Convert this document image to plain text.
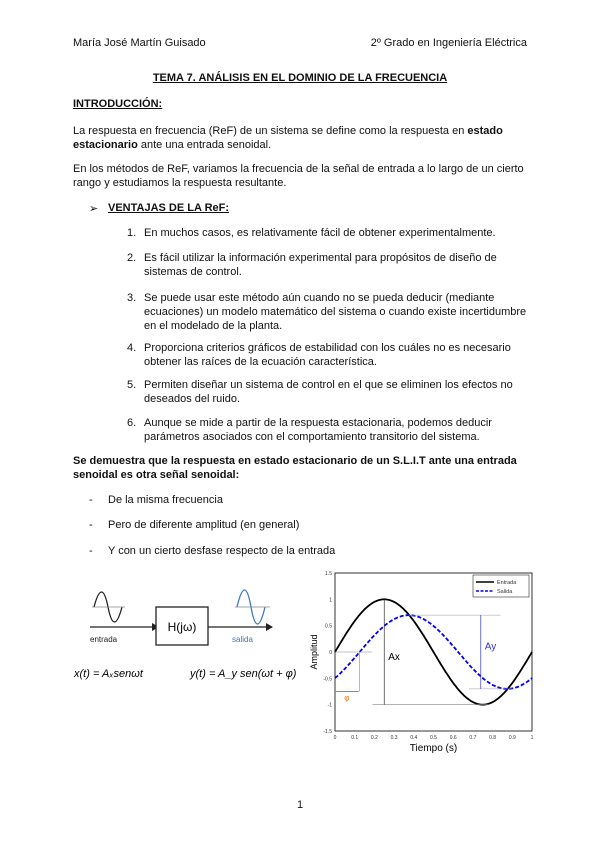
María José Martín Guisado	2º Grado en Ingeniería Eléctrica
TEMA 7. ANÁLISIS EN EL DOMINIO DE LA FRECUENCIA
INTRODUCCIÓN:
La respuesta en frecuencia (ReF) de un sistema se define como la respuesta en estado estacionario ante una entrada senoidal.
En los métodos de ReF, variamos la frecuencia de la señal de entrada a lo largo de un cierto rango y estudiamos la respuesta resultante.
➢ VENTAJAS DE LA ReF:
1. En muchos casos, es relativamente fácil de obtener experimentalmente.
2. Es fácil utilizar la información experimental para propósitos de diseño de sistemas de control.
3. Se puede usar este método aún cuando no se pueda deducir (mediante ecuaciones) un modelo matemático del sistema o cuando existe incertidumbre en el modelado de la planta.
4. Proporciona criterios gráficos de estabilidad con los cuáles no es necesario obtener las raíces de la ecuación característica.
5. Permiten diseñar un sistema de control en el que se eliminen los efectos no deseados del ruido.
6. Aunque se mide a partir de la respuesta estacionaria, podemos deducir parámetros asociados con el comportamiento transitorio del sistema.
Se demuestra que la respuesta en estado estacionario de un S.L.I.T ante una entrada senoidal es otra señal senoidal:
- De la misma frecuencia
- Pero de diferente amplitud (en general)
- Y con un cierto desfase respecto de la entrada
H(jω)
entrada	salida
x(t) = Aₓsenωt	y(t) = A_y sen(ωt + φ)
0	0.1	0.2	0.3	0.4	0.5	0.6	0.7	0.8	0.9	1
1.5
1
0.5
0
-0.5
-1
-1.5
Tiempo (s)
Amplitud	Ax
Ay
φ
Entrada
Salida
1
